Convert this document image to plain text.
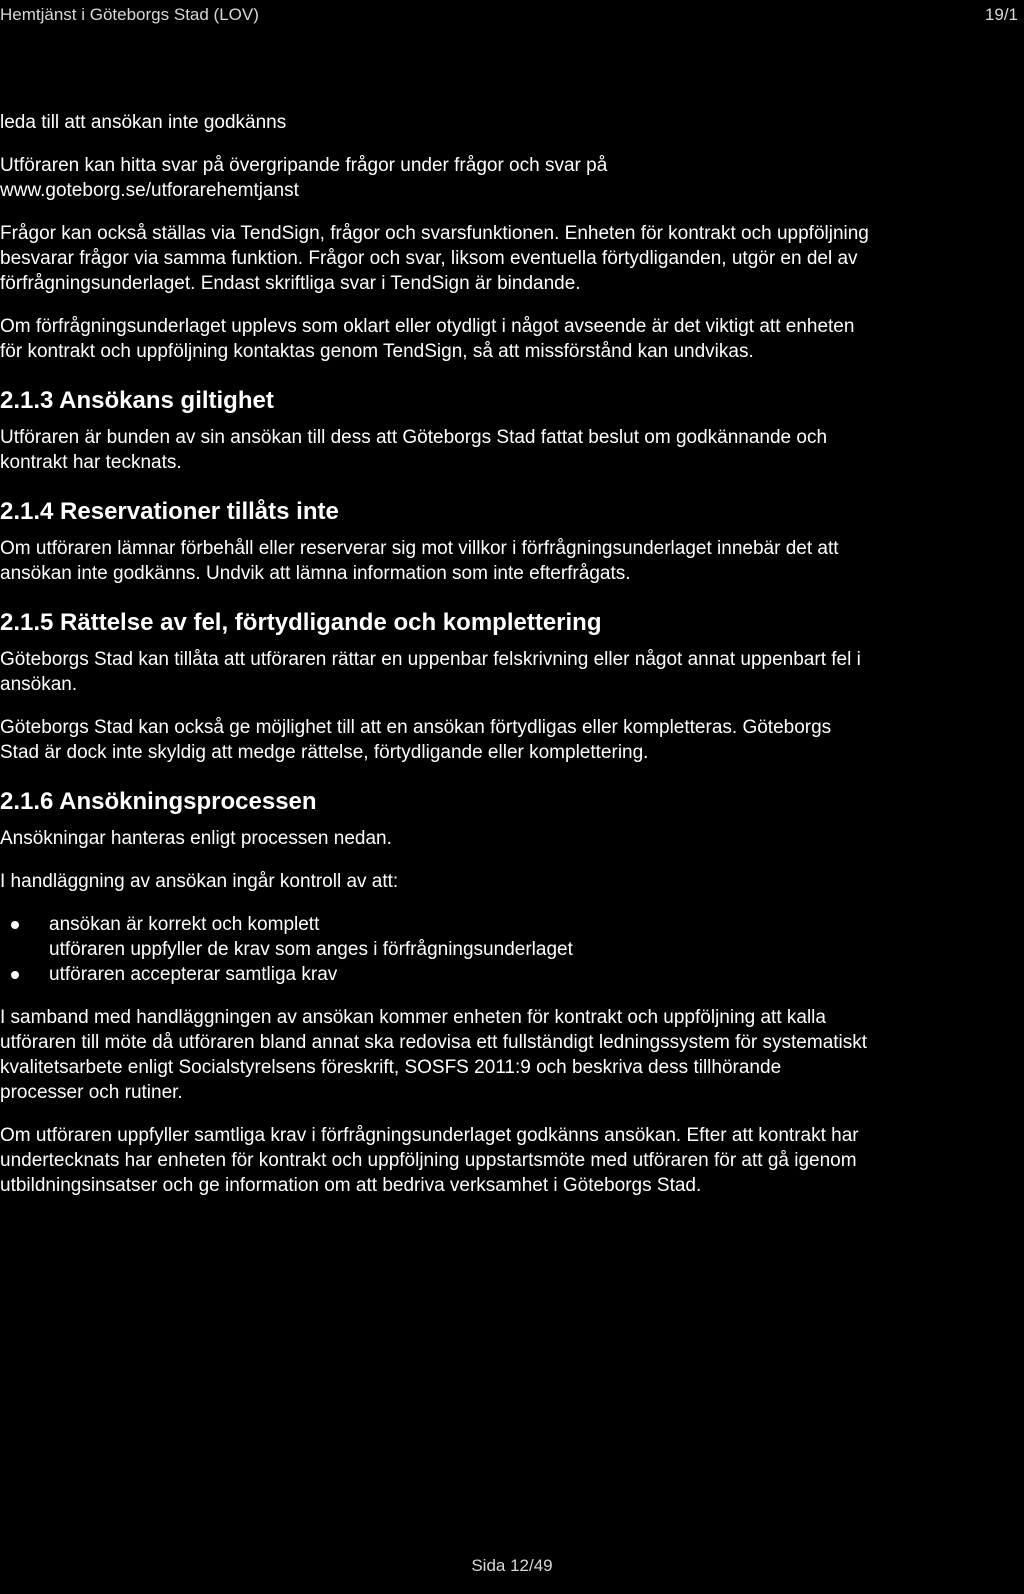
Hemtjänst i Göteborgs Stad (LOV)	19/1

leda till att ansökan inte godkänns

Utföraren kan hitta svar på övergripande frågor under frågor och svar på
www.goteborg.se/utforarehemtjanst

Frågor kan också ställas via TendSign, frågor och svarsfunktionen. Enheten för kontrakt och uppföljning
besvarar frågor via samma funktion. Frågor och svar, liksom eventuella förtydliganden, utgör en del av
förfrågningsunderlaget. Endast skriftliga svar i TendSign är bindande.

Om förfrågningsunderlaget upplevs som oklart eller otydligt i något avseende är det viktigt att enheten
för kontrakt och uppföljning kontaktas genom TendSign, så att missförstånd kan undvikas.

2.1.3 Ansökans giltighet

Utföraren är bunden av sin ansökan till dess att Göteborgs Stad fattat beslut om godkännande och
kontrakt har tecknats.

2.1.4 Reservationer tillåts inte

Om utföraren lämnar förbehåll eller reserverar sig mot villkor i förfrågningsunderlaget innebär det att
ansökan inte godkänns. Undvik att lämna information som inte efterfrågats.

2.1.5 Rättelse av fel, förtydligande och komplettering

Göteborgs Stad kan tillåta att utföraren rättar en uppenbar felskrivning eller något annat uppenbart fel i
ansökan.

Göteborgs Stad kan också ge möjlighet till att en ansökan förtydligas eller kompletteras. Göteborgs
Stad är dock inte skyldig att medge rättelse, förtydligande eller komplettering.

2.1.6 Ansökningsprocessen

Ansökningar hanteras enligt processen nedan.

I handläggning av ansökan ingår kontroll av att:

ansökan är korrekt och komplett
utföraren uppfyller de krav som anges i förfrågningsunderlaget
utföraren accepterar samtliga krav

I samband med handläggningen av ansökan kommer enheten för kontrakt och uppföljning att kalla
utföraren till möte då utföraren bland annat ska redovisa ett fullständigt ledningssystem för systematiskt
kvalitetsarbete enligt Socialstyrelsens föreskrift, SOSFS 2011:9 och beskriva dess tillhörande
processer och rutiner.

Om utföraren uppfyller samtliga krav i förfrågningsunderlaget godkänns ansökan. Efter att kontrakt har
undertecknats har enheten för kontrakt och uppföljning uppstartsmöte med utföraren för att gå igenom
utbildningsinsatser och ge information om att bedriva verksamhet i Göteborgs Stad.

Sida 12/49
